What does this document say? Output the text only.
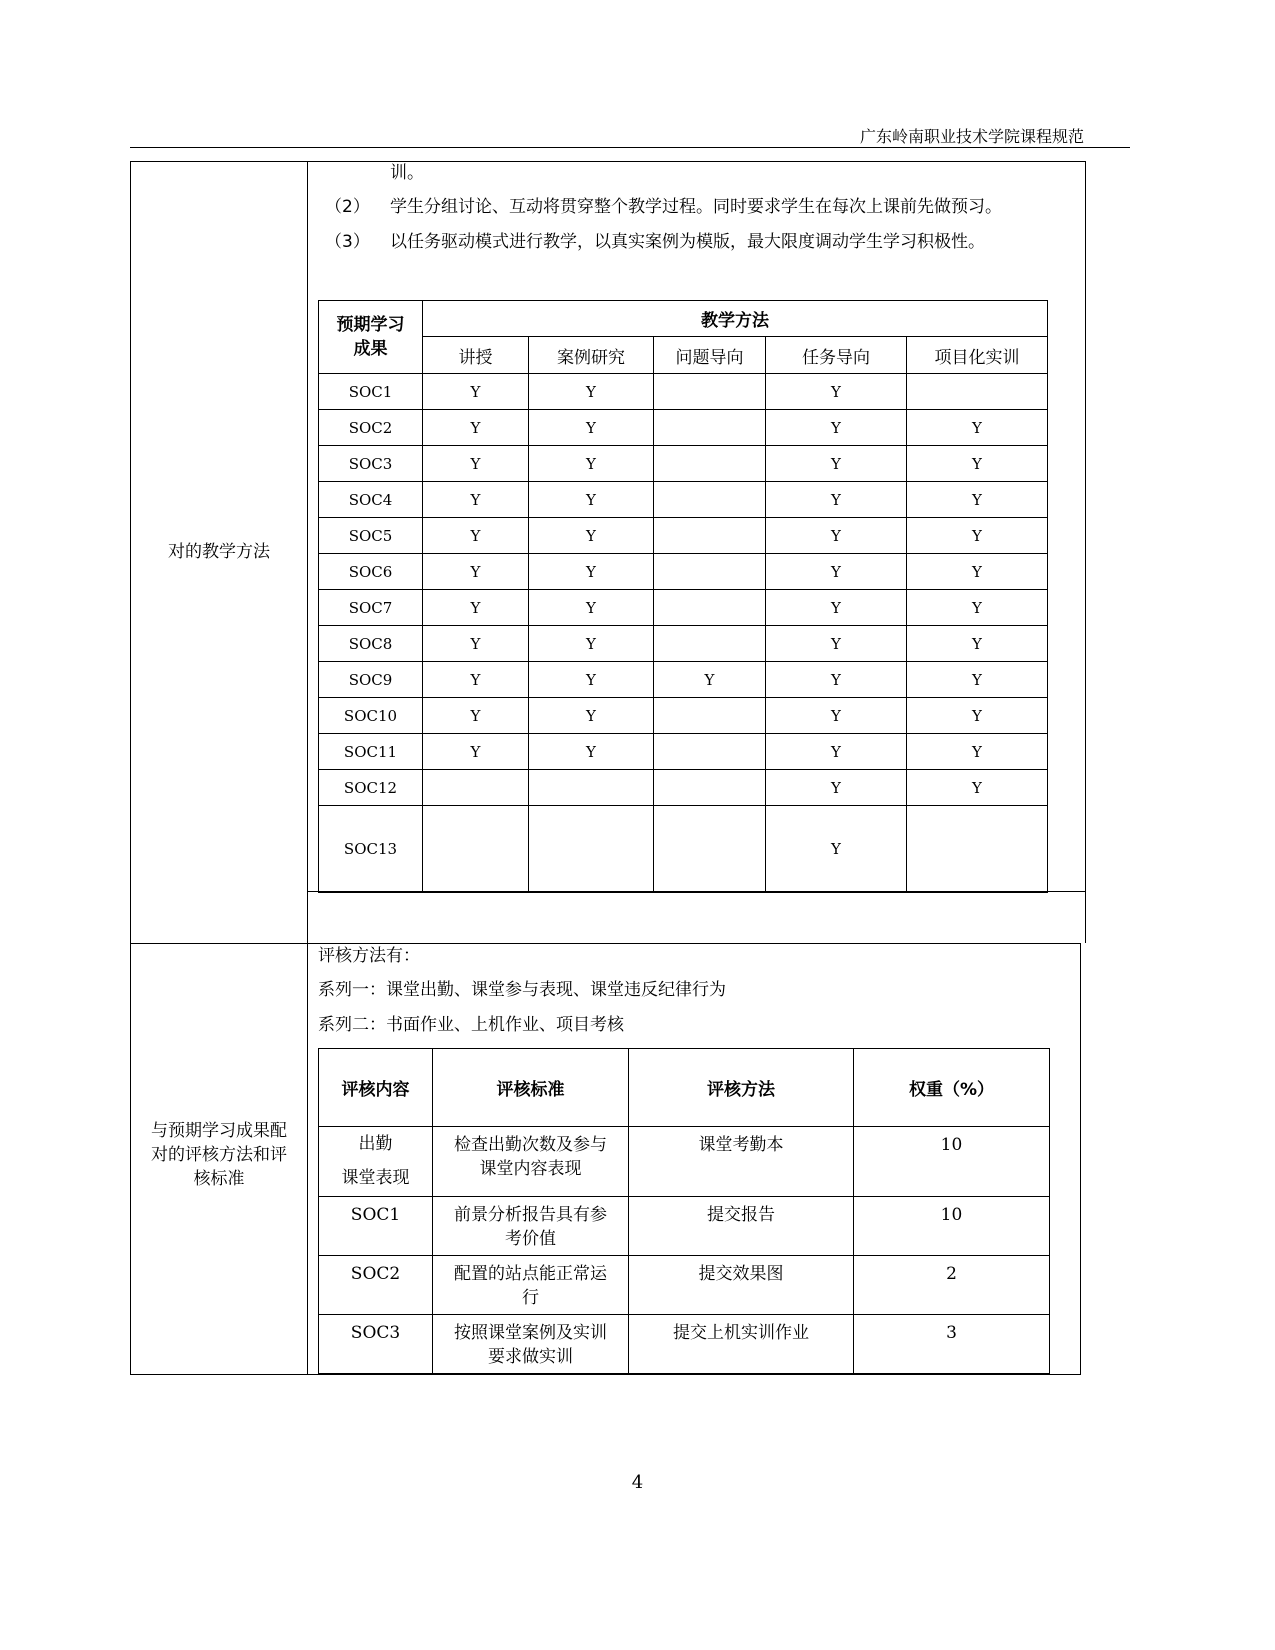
广东岭南职业技术学院课程规范
对的教学方法
训。
（2） 学生分组讨论、互动将贯穿整个教学过程。同时要求学生在每次上课前先做预习。
（3） 以任务驱动模式进行教学，以真实案例为模版，最大限度调动学生学习积极性。
预期学习成果	教学方法				
	讲授	案例研究	问题导向	任务导向	项目化实训
SOC1	Y	Y		Y	
SOC2	Y	Y		Y	Y
SOC3	Y	Y		Y	Y
SOC4	Y	Y		Y	Y
SOC5	Y	Y		Y	Y
SOC6	Y	Y		Y	Y
SOC7	Y	Y		Y	Y
SOC8	Y	Y		Y	Y
SOC9	Y	Y	Y	Y	Y
SOC10	Y	Y		Y	Y
SOC11	Y	Y		Y	Y
SOC12				Y	Y
SOC13				Y	
与预期学习成果配对的评核方法和评核标准
评核方法有：
系列一：课堂出勤、课堂参与表现、课堂违反纪律行为
系列二：书面作业、上机作业、项目考核
评核内容	评核标准	评核方法	权重（%）
出勤
课堂表现	检查出勤次数及参与课堂内容表现	课堂考勤本	10
SOC1	前景分析报告具有参考价值	提交报告	10
SOC2	配置的站点能正常运行	提交效果图	2
SOC3	按照课堂案例及实训要求做实训	提交上机实训作业	3
4
